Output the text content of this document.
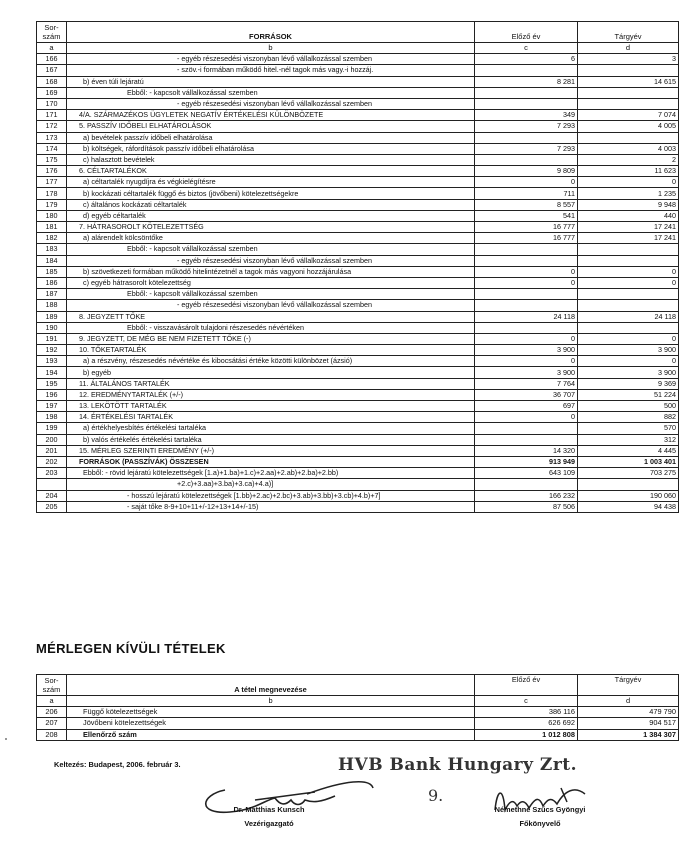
Sor-
szám	FORRÁSOK	Előző év	Tárgyév
a	b	c	d
166	- egyéb részesedési viszonyban lévő vállalkozással szemben	6	3
167	- szöv.-i formában működő hitel.-nél tagok más vagy.-i hozzáj.		
168	b) éven túli lejáratú	8 281	14 615
169	Ebből: - kapcsolt vállalkozással szemben		
170	- egyéb részesedési viszonyban lévő vállalkozással szemben		
171	4/A. SZÁRMAZÉKOS ÜGYLETEK NEGATÍV ÉRTÉKELÉSI KÜLÖNBÖZETE	349	7 074
172	5. PASSZÍV IDŐBELI ELHATÁROLÁSOK	7 293	4 005
173	a) bevételek passzív időbeli elhatárolása		
174	b) költségek, ráfordítások passzív időbeli elhatárolása	7 293	4 003
175	c) halasztott bevételek		2
176	6. CÉLTARTALÉKOK	9 809	11 623
177	a) céltartalék nyugdíjra és végkielégítésre	0	0
178	b) kockázati céltartalék függő és biztos (jövőbeni) kötelezettségekre	711	1 235
179	c) általános kockázati céltartalék	8 557	9 948
180	d) egyéb céltartalék	541	440
181	7. HÁTRASOROLT KÖTELEZETTSÉG	16 777	17 241
182	a) alárendelt kölcsöntőke	16 777	17 241
183	Ebből: - kapcsolt vállalkozással szemben		
184	- egyéb részesedési viszonyban lévő vállalkozással szemben		
185	b) szövetkezeti formában működő hitelintézetnél a tagok más vagyoni hozzájárulása	0	0
186	c) egyéb hátrasorolt kötelezettség	0	0
187	Ebből: - kapcsolt vállalkozással szemben		
188	- egyéb részesedési viszonyban lévő vállalkozással szemben		
189	8. JEGYZETT TŐKE	24 118	24 118
190	Ebből: - visszavásárolt tulajdoni részesedés névértéken		
191	9. JEGYZETT, DE MÉG BE NEM FIZETETT TŐKE (-)	0	0
192	10. TŐKETARTALÉK	3 900	3 900
193	a) a részvény, részesedés névértéke és kibocsátási értéke közötti különbözet (ázsió)	0	0
194	b) egyéb	3 900	3 900
195	11. ÁLTALÁNOS TARTALÉK	7 764	9 369
196	12. EREDMÉNYTARTALÉK (+/-)	36 707	51 224
197	13. LEKÖTÖTT TARTALÉK	697	500
198	14. ÉRTÉKELÉSI TARTALÉK	0	882
199	a) értékhelyesbítés értékelési tartaléka		570
200	b) valós értékelés értékelési tartaléka		312
201	15. MÉRLEG SZERINTI EREDMÉNY (+/-)	14 320	4 445
202	FORRÁSOK (PASSZÍVÁK) ÖSSZESEN	913 949	1 003 401
203	Ebből: - rövid lejáratú kötelezettségek [1.a)+1.ba)+1.c)+2.aa)+2.ab)+2.ba)+2.bb)	643 109	703 275
	+2.c)+3.aa)+3.ba)+3.ca)+4.a)]		
204	- hosszú lejáratú kötelezettségek [1.bb)+2.ac)+2.bc)+3.ab)+3.bb)+3.cb)+4.b)+7]	166 232	190 060
205	- saját tőke 8-9+10+11+/-12+13+14+/-15)	87 506	94 438
MÉRLEGEN KÍVÜLI TÉTELEK
Sor-
szám	A tétel megnevezése	Előző év	Tárgyév
a	b	c	d
206	Függő kötelezettségek	386 116	479 790
207	Jövőbeni kötelezettségek	626 692	904 517
208	Ellenőrző szám	1 012 808	1 384 307
Keltezés: Budapest, 2006. február 3.	HVB Bank Hungary Zrt.
9.
Dr. Matthias Kunsch
Vezérigazgató
Némethné Szűcs Gyöngyi
Főkönyvelő
